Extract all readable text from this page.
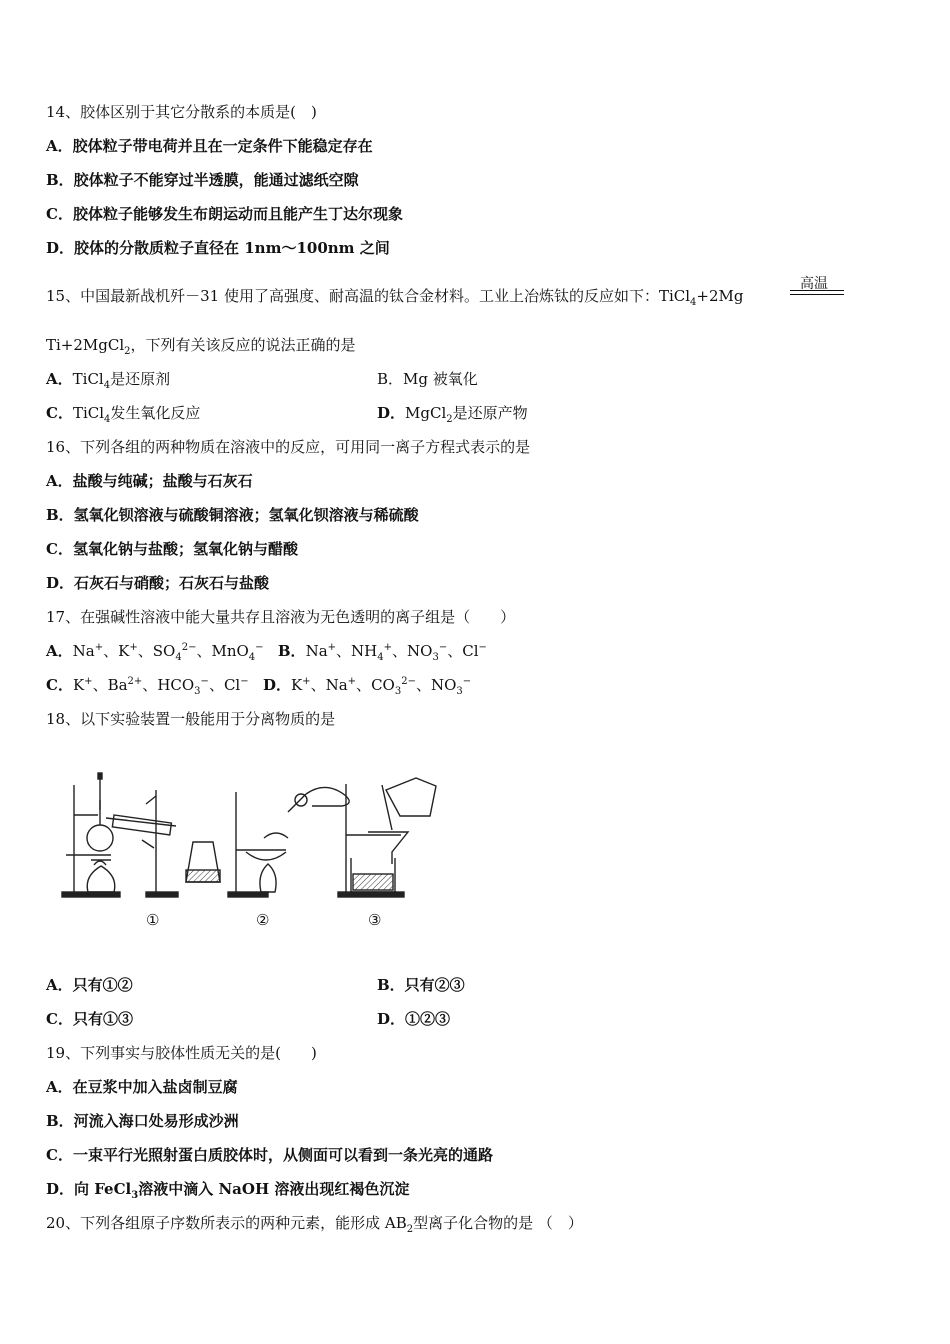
14、胶体区别于其它分散系的本质是(　)
A．胶体粒子带电荷并且在一定条件下能稳定存在
B．胶体粒子不能穿过半透膜，能通过滤纸空隙
C．胶体粒子能够发生布朗运动而且能产生丁达尔现象
D．胶体的分散质粒子直径在 1nm～100nm 之间
15、中国最新战机歼－31 使用了高强度、耐高温的钛合金材料。工业上冶炼钛的反应如下：TiCl$_4$+2Mg
高温
Ti+2MgCl$_2$，下列有关该反应的说法正确的是
A．TiCl$_4$是还原剂	B．Mg 被氧化
C．TiCl$_4$发生氧化反应	D．MgCl$_2$是还原产物
16、下列各组的两种物质在溶液中的反应，可用同一离子方程式表示的是
A．盐酸与纯碱；盐酸与石灰石
B．氢氧化钡溶液与硫酸铜溶液；氢氧化钡溶液与稀硫酸
C．氢氧化钠与盐酸；氢氧化钠与醋酸
D．石灰石与硝酸；石灰石与盐酸
17、在强碱性溶液中能大量共存且溶液为无色透明的离子组是（　　）
A．Na+、K+、$SO_4^{2-}$、MnO$_4$− B．Na+、$NH_4^+$、$NO_3^-$、Cl−
C．K+、$Ba^{2+}$、$HCO_3^-$、Cl− D．K+、Na+、$CO_3^{2-}$、$NO_3^-$
18、以下实验装置一般能用于分离物质的是
①	②	③
A．只有①②	B．只有②③
C．只有①③	D．①②③
19、下列事实与胶体性质无关的是(　　)
A．在豆浆中加入盐卤制豆腐
B．河流入海口处易形成沙洲
C．一束平行光照射蛋白质胶体时，从侧面可以看到一条光亮的通路
D．向 FeCl$_3$溶液中滴入 NaOH 溶液出现红褐色沉淀
20、下列各组原子序数所表示的两种元素，能形成 $AB_2$型离子化合物的是 （　）
